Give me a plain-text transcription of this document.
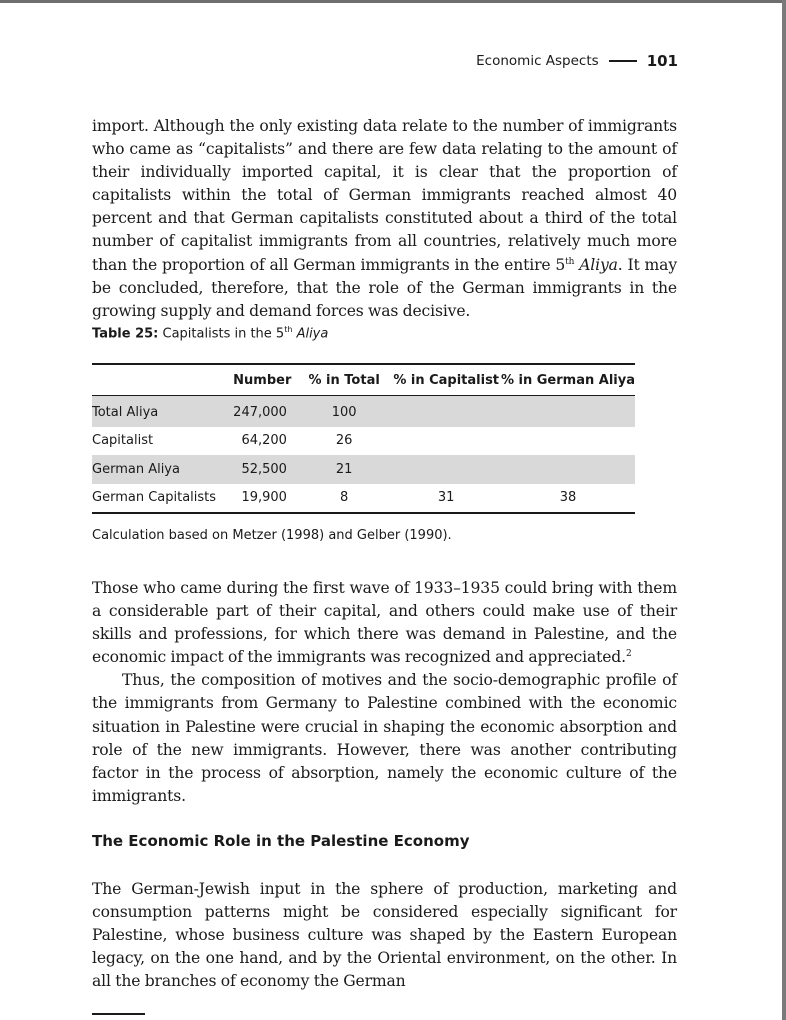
Economic Aspects	101
import. Although the only existing data relate to the number of immigrants who came as “capitalists” and there are few data relating to the amount of their individually imported capital, it is clear that the proportion of capitalists within the total of German immigrants reached almost 40 percent and that German capitalists constituted about a third of the total number of capitalist immigrants from all countries, relatively much more than the proportion of all German immigrants in the entire 5th Aliya. It may be concluded, therefore, that the role of the German immigrants in the growing supply and demand forces was decisive.
Table 25: Capitalists in the 5th Aliya
	Number	% in Total	% in Capitalist	% in German Aliya
Total Aliya	247,000	100		
Capitalist	64,200	26		
German Aliya	52,500	21		
German Capitalists	19,900	8	31	38
Calculation based on Metzer (1998) and Gelber (1990).
Those who came during the first wave of 1933–1935 could bring with them a considerable part of their capital, and others could make use of their skills and professions, for which there was demand in Palestine, and the economic impact of the immigrants was recognized and appreciated.$^2$
Thus, the composition of motives and the socio-demographic profile of the immigrants from Germany to Palestine combined with the economic situation in Palestine were crucial in shaping the economic absorption and role of the new immigrants. However, there was another contributing factor in the process of absorption, namely the economic culture of the immigrants.
The Economic Role in the Palestine Economy
The German-Jewish input in the sphere of production, marketing and consumption patterns might be considered especially significant for Palestine, whose business culture was shaped by the Eastern European legacy, on the one hand, and by the Oriental environment, on the other. In all the branches of economy the German
